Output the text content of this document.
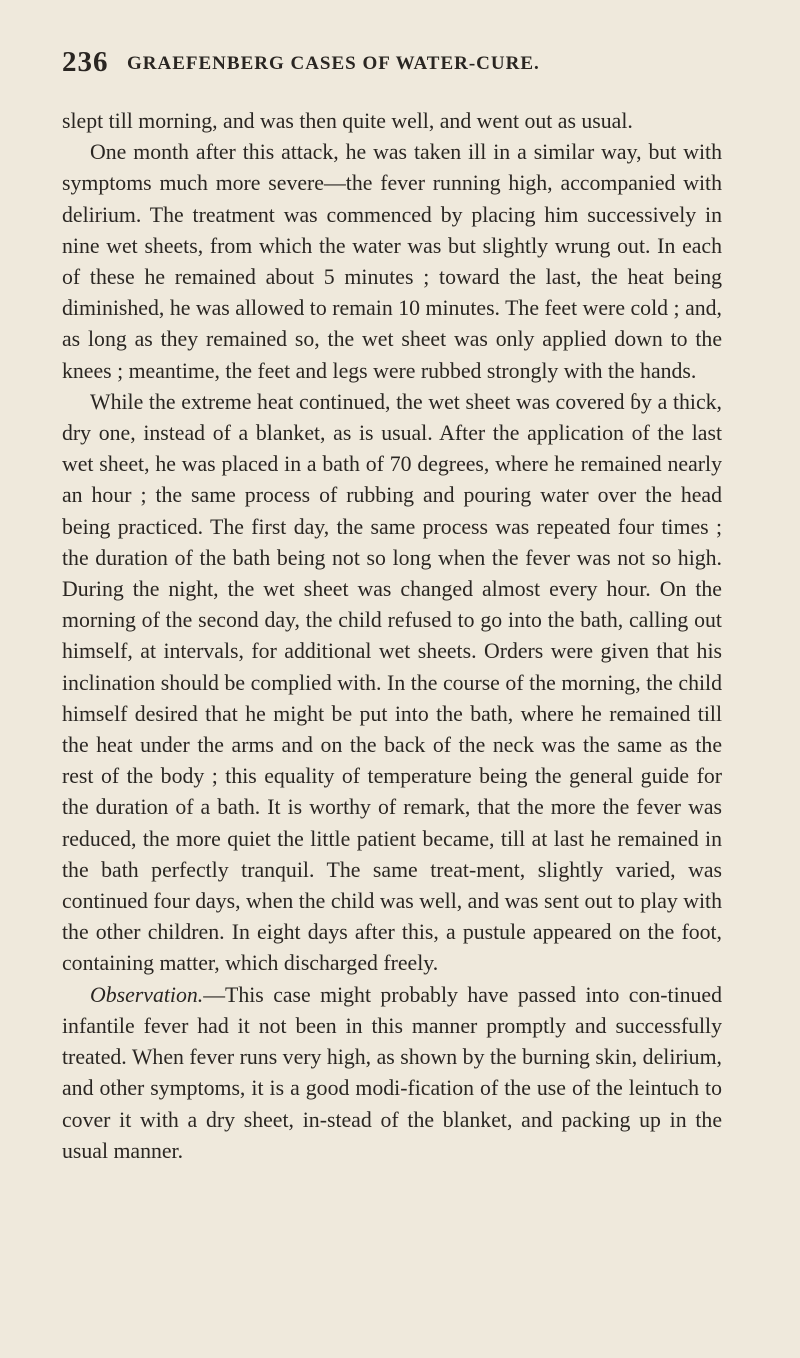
236 GRAEFENBERG CASES OF WATER-CURE.

slept till morning, and was then quite well, and went out as usual.

One month after this attack, he was taken ill in a similar way, but with symptoms much more severe—the fever running high, accompanied with delirium. The treatment was commenced by placing him successively in nine wet sheets, from which the water was but slightly wrung out. In each of these he remained about 5 minutes ; toward the last, the heat being diminished, he was allowed to remain 10 minutes. The feet were cold ; and, as long as they remained so, the wet sheet was only applied down to the knees ; meantime, the feet and legs were rubbed strongly with the hands.

While the extreme heat continued, the wet sheet was covered ɓy a thick, dry one, instead of a blanket, as is usual. After the application of the last wet sheet, he was placed in a bath of 70 degrees, where he remained nearly an hour ; the same process of rubbing and pouring water over the head being practiced. The first day, the same process was repeated four times ; the duration of the bath being not so long when the fever was not so high. During the night, the wet sheet was changed almost every hour. On the morning of the second day, the child refused to go into the bath, calling out himself, at intervals, for additional wet sheets. Orders were given that his inclination should be complied with. In the course of the morning, the child himself desired that he might be put into the bath, where he remained till the heat under the arms and on the back of the neck was the same as the rest of the body ; this equality of temperature being the general guide for the duration of a bath. It is worthy of remark, that the more the fever was reduced, the more quiet the little patient became, till at last he remained in the bath perfectly tranquil. The same treat-ment, slightly varied, was continued four days, when the child was well, and was sent out to play with the other children. In eight days after this, a pustule appeared on the foot, containing matter, which discharged freely.

Observation.—This case might probably have passed into con-tinued infantile fever had it not been in this manner promptly and successfully treated. When fever runs very high, as shown by the burning skin, delirium, and other symptoms, it is a good modi-fication of the use of the leintuch to cover it with a dry sheet, in-stead of the blanket, and packing up in the usual manner.
